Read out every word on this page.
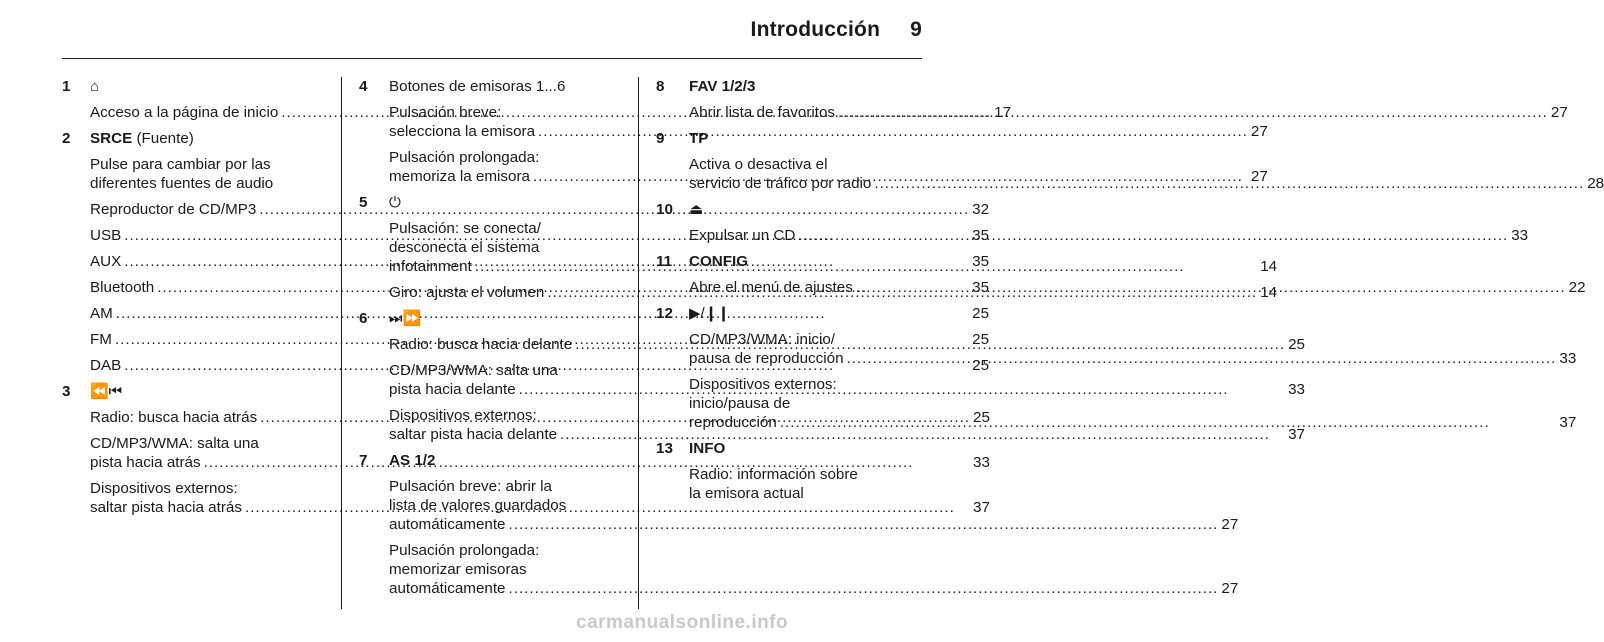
Introducción 9
1	⌂
Acceso a la página de inicio .....	17
2	SRCE (Fuente)
Pulse para cambiar por las
diferentes fuentes de audio
Reproductor de CD/MP3 .....	32
USB .....	35
AUX .....	35
Bluetooth .....	35
AM .....	25
FM .....	25
DAB .....	25
3	⏪⏮
Radio: busca hacia atrás .....	25
CD/MP3/WMA: salta una
pista hacia atrás .....	33
Dispositivos externos:
saltar pista hacia atrás .....	37
4	Botones de emisoras 1...6
Pulsación breve:
selecciona la emisora .....	27
Pulsación prolongada:
memoriza la emisora .....	27
5	⏻
Pulsación: se conecta/
desconecta el sistema
infotainment .....	14
Giro: ajusta el volumen .....	14
6	⏭⏩
Radio: busca hacia delante .....	25
CD/MP3/WMA: salta una
pista hacia delante .....	33
Dispositivos externos:
saltar pista hacia delante .....	37
7	AS 1/2
Pulsación breve: abrir la
lista de valores guardados
automáticamente .....	27
Pulsación prolongada:
memorizar emisoras
automáticamente .....	27
8	FAV 1/2/3
Abrir lista de favoritos .....	27
9	TP
Activa o desactiva el
servicio de tráfico por radio .....	28
10	⏏
Expulsar un CD .....	33
11	CONFIG
Abre el menú de ajustes .....	22
12	▶/❙❙
CD/MP3/WMA: inicio/
pausa de reproducción .....	33
Dispositivos externos:
inicio/pausa de
reproducción .....	37
13	INFO
Radio: información sobre
la emisora actual
carmanualsonline.info
